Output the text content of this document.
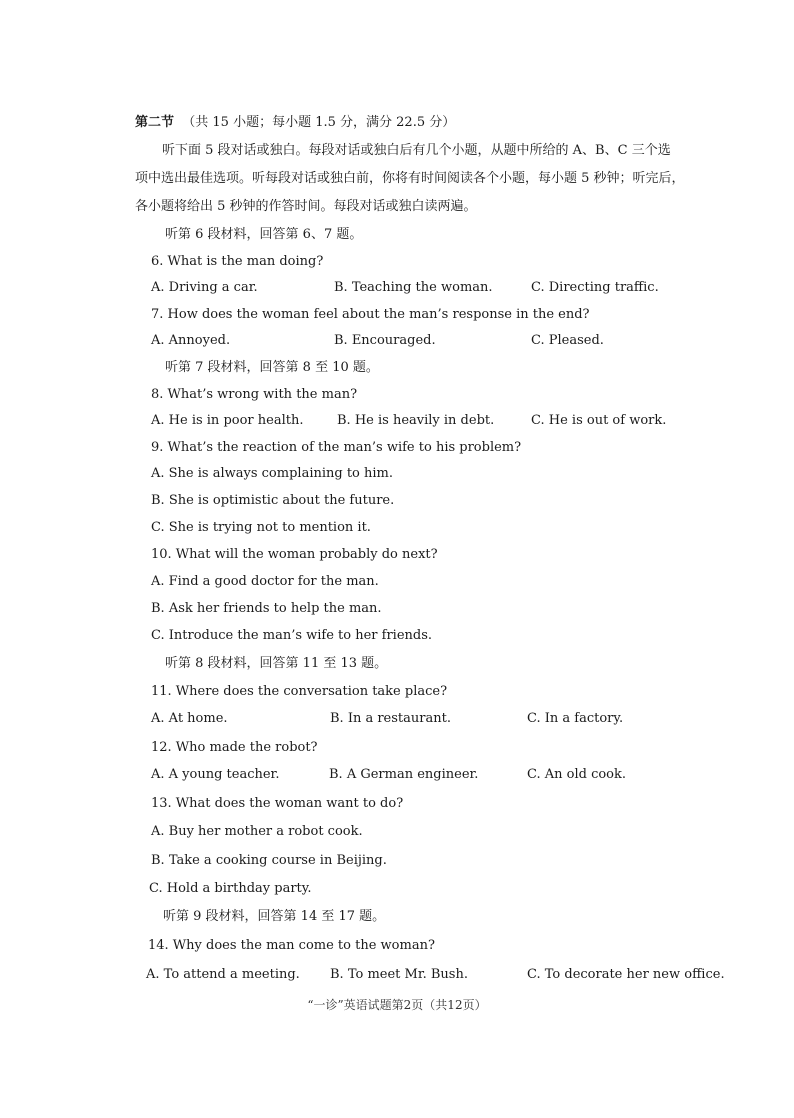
第二节 （共 15 小题；每小题 1.5 分，满分 22.5 分）
听下面 5 段对话或独白。每段对话或独白后有几个小题，从题中所给的 A、B、C 三个选
项中选出最佳选项。听每段对话或独白前，你将有时间阅读各个小题，每小题 5 秒钟；听完后，
各小题将给出 5 秒钟的作答时间。每段对话或独白读两遍。
听第 6 段材料，回答第 6、7 题。
6. What is the man doing?
A. Driving a car.	B. Teaching the woman.	C. Directing traffic.
7. How does the woman feel about the man’s response in the end?
A. Annoyed.	B. Encouraged.	C. Pleased.
听第 7 段材料，回答第 8 至 10 题。
8. What’s wrong with the man?
A. He is in poor health.	B. He is heavily in debt.	C. He is out of work.
9. What’s the reaction of the man’s wife to his problem?
A. She is always complaining to him.
B. She is optimistic about the future.
C. She is trying not to mention it.
10. What will the woman probably do next?
A. Find a good doctor for the man.
B. Ask her friends to help the man.
C. Introduce the man’s wife to her friends.
听第 8 段材料，回答第 11 至 13 题。
11. Where does the conversation take place?
A. At home.	B. In a restaurant.	C. In a factory.
12. Who made the robot?
A. A young teacher.	B. A German engineer.	C. An old cook.
13. What does the woman want to do?
A. Buy her mother a robot cook.
B. Take a cooking course in Beijing.
C. Hold a birthday party.
听第 9 段材料，回答第 14 至 17 题。
14. Why does the man come to the woman?
A. To attend a meeting. B. To meet Mr. Bush.	C. To decorate her new office.
“一诊”英语试题第2页（共12页）
